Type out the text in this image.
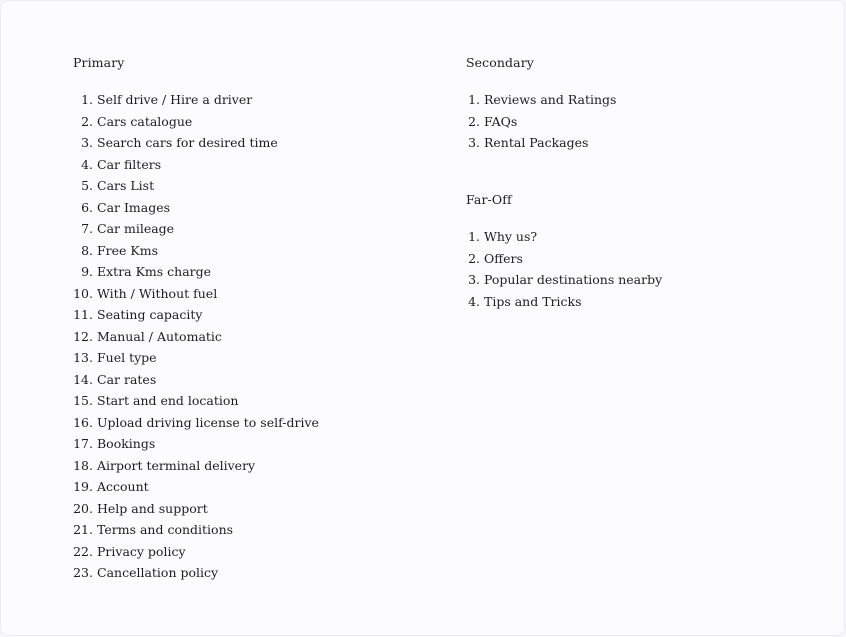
Primary
1 . Self drive / Hire a driver
2 . Cars catalogue
3 . Search cars for desired time
4 . Car filters
5 . Cars List
6 . Car Images
7 . Car mileage
8 . Free Kms
9 . Extra Kms charge
10 . With / Without fuel
11 . Seating capacity
12 . Manual / Automatic
13 . Fuel type
14 . Car rates
15 . Start and end location
16 . Upload driving license to self-drive
17 . Bookings
18 . Airport terminal delivery
19 . Account
20 . Help and support
21 . Terms and conditions
22 . Privacy policy
23 . Cancellation policy
Secondary
1 . Reviews and Ratings
2 . FAQs
3 . Rental Packages
Far-Off
1 . Why us?
2 . Offers
3 . Popular destinations nearby
4 . Tips and Tricks
